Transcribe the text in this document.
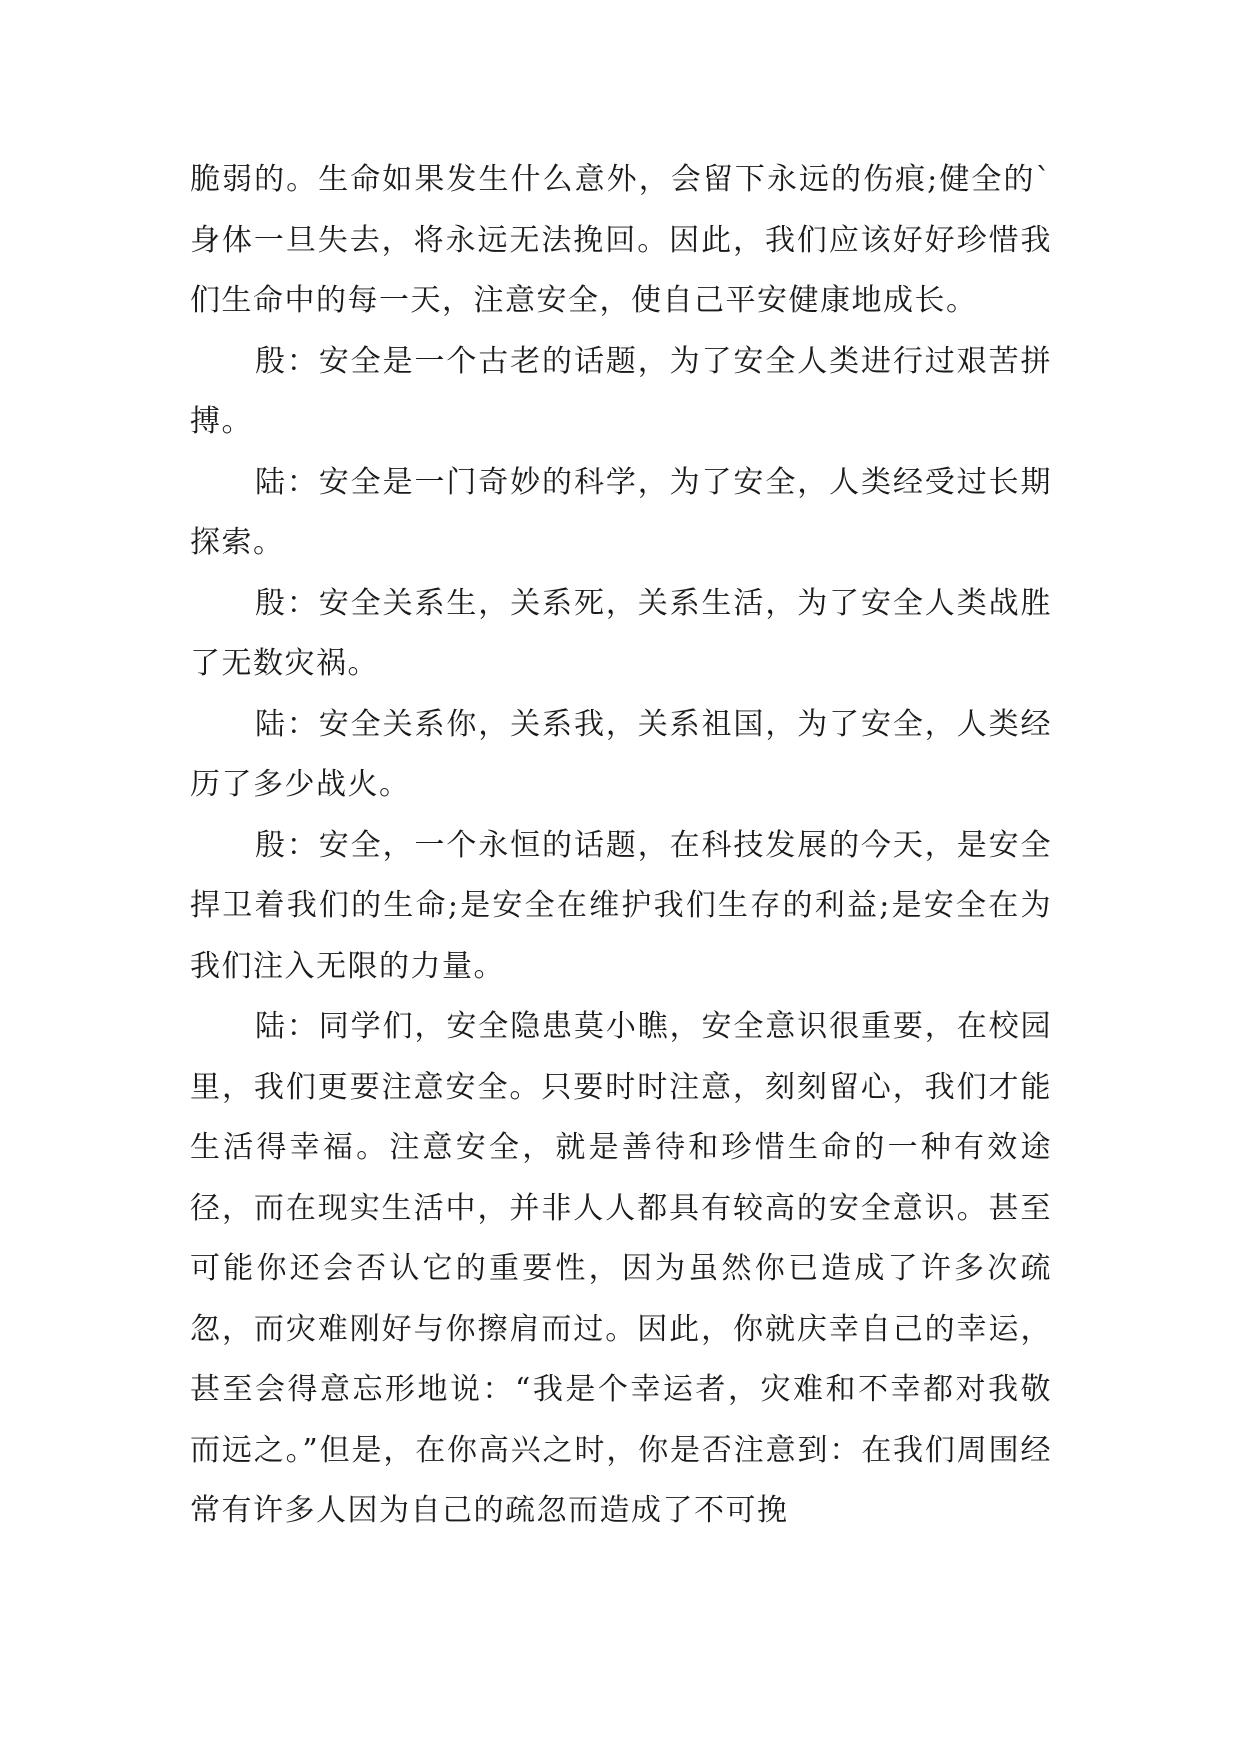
脆弱的。生命如果发生什么意外，会留下永远的伤痕;健全的`身体一旦失去，将永远无法挽回。因此，我们应该好好珍惜我们生命中的每一天，注意安全，使自己平安健康地成长。

殷：安全是一个古老的话题，为了安全人类进行过艰苦拼搏。

陆：安全是一门奇妙的科学，为了安全，人类经受过长期探索。

殷：安全关系生，关系死，关系生活，为了安全人类战胜了无数灾祸。

陆：安全关系你，关系我，关系祖国，为了安全，人类经历了多少战火。

殷：安全，一个永恒的话题，在科技发展的今天，是安全捍卫着我们的生命;是安全在维护我们生存的利益;是安全在为我们注入无限的力量。

陆：同学们，安全隐患莫小瞧，安全意识很重要，在校园里，我们更要注意安全。只要时时注意，刻刻留心，我们才能生活得幸福。注意安全，就是善待和珍惜生命的一种有效途径，而在现实生活中，并非人人都具有较高的安全意识。甚至可能你还会否认它的重要性，因为虽然你已造成了许多次疏忽，而灾难刚好与你擦肩而过。因此，你就庆幸自己的幸运，甚至会得意忘形地说：“我是个幸运者，灾难和不幸都对我敬而远之。”但是，在你高兴之时，你是否注意到：在我们周围经常有许多人因为自己的疏忽而造成了不可挽
